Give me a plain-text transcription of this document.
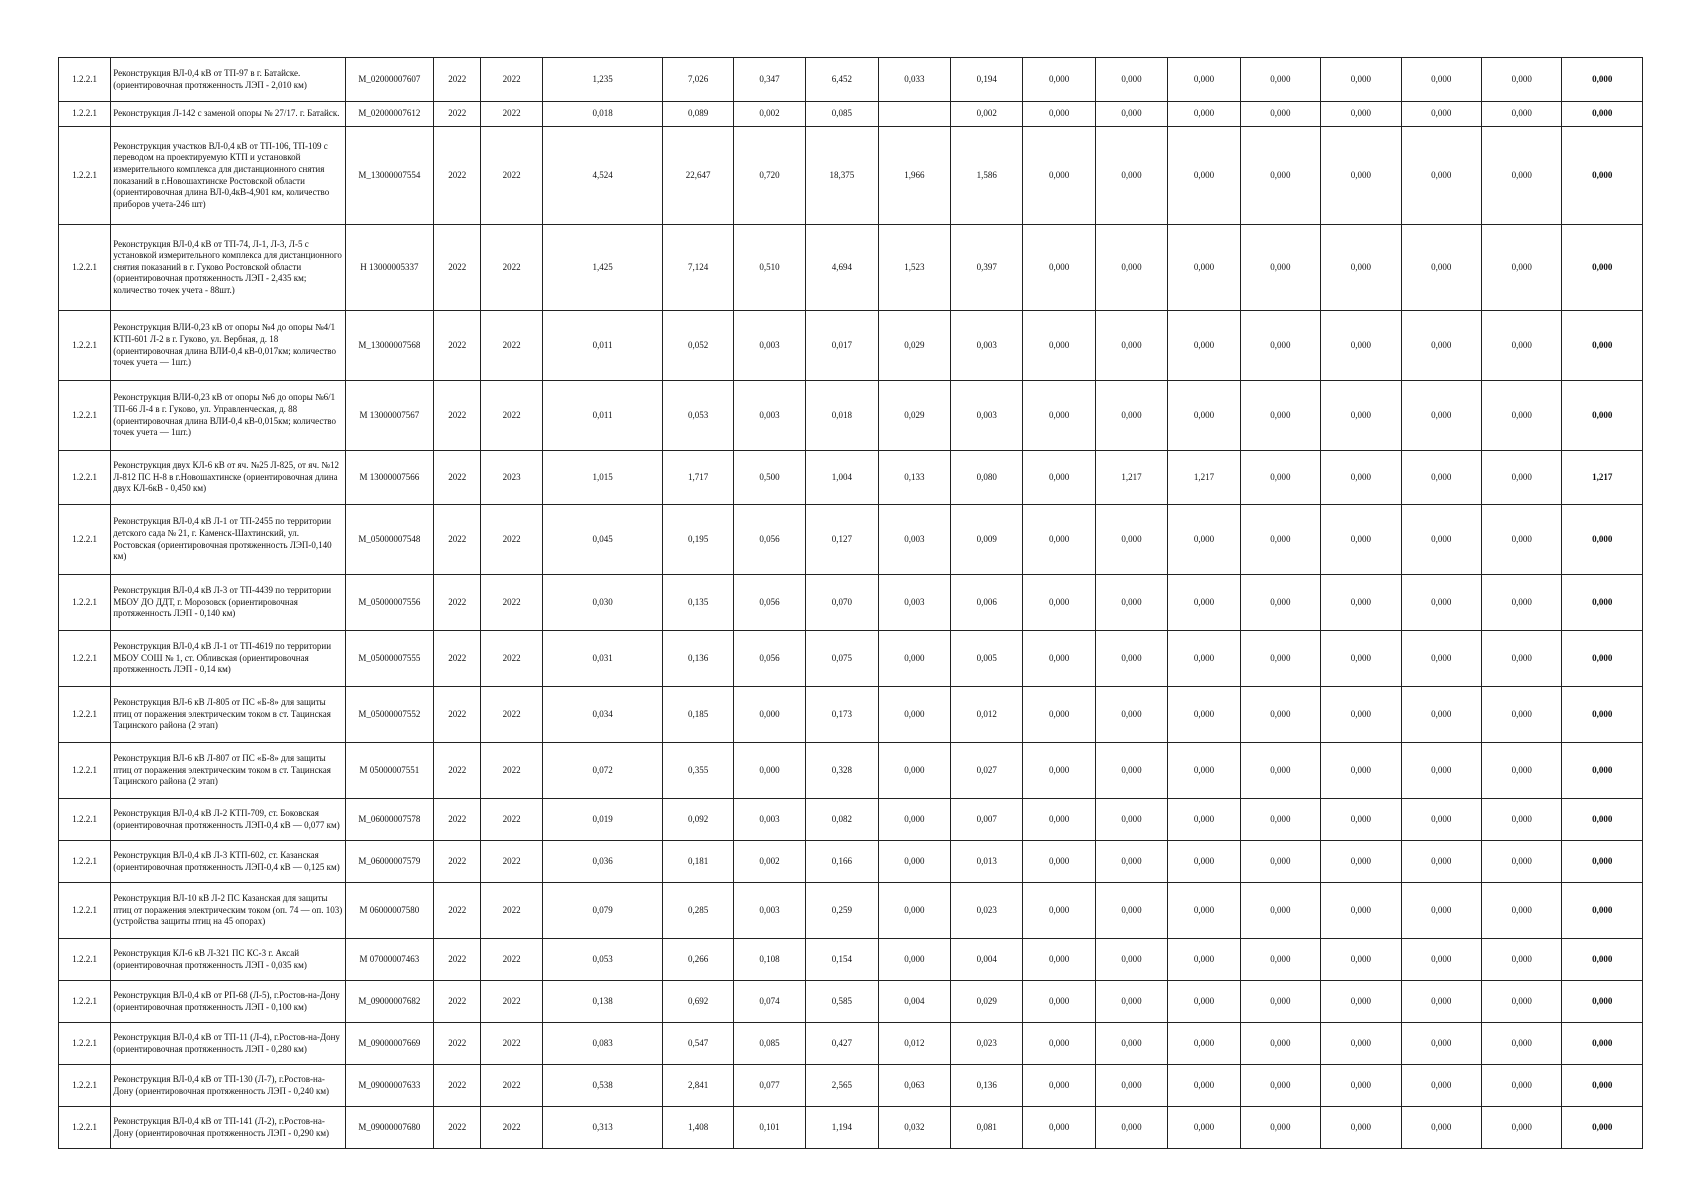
1.2.2.1	Реконструкция ВЛ-0,4 кВ от ТП-97 в г. Батайске. (ориентировочная протяженность ЛЭП - 2,010 км)	M_02000007607	2022	2022	1,235	7,026	0,347	6,452	0,033	0,194	0,000	0,000	0,000	0,000	0,000	0,000	0,000	0,000
1.2.2.1	Реконструкция Л-142 с заменой опоры № 27/17. г. Батайск.	M_02000007612	2022	2022	0,018	0,089	0,002	0,085		0,002	0,000	0,000	0,000	0,000	0,000	0,000	0,000	0,000
1.2.2.1	Реконструкция участков ВЛ-0,4 кВ от ТП-106, ТП-109 с переводом на проектируемую КТП и установкой измерительного комплекса для дистанционного снятия показаний в г.Новошахтинске Ростовской области (ориентировочная длина ВЛ-0,4кВ-4,901 км, количество приборов учета-246 шт)	M_13000007554	2022	2022	4,524	22,647	0,720	18,375	1,966	1,586	0,000	0,000	0,000	0,000	0,000	0,000	0,000	0,000
1.2.2.1	Реконструкция ВЛ-0,4 кВ от ТП-74, Л-1, Л-3, Л-5 с установкой измерительного комплекса для дистанционного снятия показаний в г. Гуково Ростовской области (ориентировочная протяженность ЛЭП - 2,435 км; количество точек учета - 88шт.)	Н 13000005337	2022	2022	1,425	7,124	0,510	4,694	1,523	0,397	0,000	0,000	0,000	0,000	0,000	0,000	0,000	0,000
1.2.2.1	Реконструкция ВЛИ-0,23 кВ от опоры №4 до опоры №4/1 КТП-601 Л-2 в г. Гуково, ул. Вербная, д. 18 (ориентировочная длина ВЛИ-0,4 кВ-0,017км; количество точек учета — 1шт.)	M_13000007568	2022	2022	0,011	0,052	0,003	0,017	0,029	0,003	0,000	0,000	0,000	0,000	0,000	0,000	0,000	0,000
1.2.2.1	Реконструкция ВЛИ-0,23 кВ от опоры №6 до опоры №6/1 ТП-66 Л-4 в г. Гуково, ул. Управленческая, д. 88 (ориентировочная длина ВЛИ-0,4 кВ-0,015км; количество точек учета — 1шт.)	M 13000007567	2022	2022	0,011	0,053	0,003	0,018	0,029	0,003	0,000	0,000	0,000	0,000	0,000	0,000	0,000	0,000
1.2.2.1	Реконструкция двух КЛ-6 кВ от яч. №25 Л-825, от яч. №12 Л-812 ПС Н-8 в г.Новошахтинске (ориентировочная длина двух КЛ-6кВ - 0,450 км)	M 13000007566	2022	2023	1,015	1,717	0,500	1,004	0,133	0,080	0,000	1,217	1,217	0,000	0,000	0,000	0,000	1,217
1.2.2.1	Реконструкция ВЛ-0,4 кВ Л-1 от ТП-2455 по территории детского сада № 21, г. Каменск-Шахтинский, ул. Ростовская (ориентировочная протяженность ЛЭП-0,140 км)	M_05000007548	2022	2022	0,045	0,195	0,056	0,127	0,003	0,009	0,000	0,000	0,000	0,000	0,000	0,000	0,000	0,000
1.2.2.1	Реконструкция ВЛ-0,4 кВ Л-3 от ТП-4439 по территории МБОУ ДО ДДТ, г. Морозовск (ориентировочная протяженность ЛЭП - 0,140 км)	M_05000007556	2022	2022	0,030	0,135	0,056	0,070	0,003	0,006	0,000	0,000	0,000	0,000	0,000	0,000	0,000	0,000
1.2.2.1	Реконструкция ВЛ-0,4 кВ Л-1 от ТП-4619 по территории МБОУ СОШ № 1, ст. Обливская (ориентировочная протяженность ЛЭП - 0,14 км)	M_05000007555	2022	2022	0,031	0,136	0,056	0,075	0,000	0,005	0,000	0,000	0,000	0,000	0,000	0,000	0,000	0,000
1.2.2.1	Реконструкция ВЛ-6 кВ Л-805 от ПС «Б-8» для защиты птиц от поражения электрическим током в ст. Тацинская Тацинского района (2 этап)	M_05000007552	2022	2022	0,034	0,185	0,000	0,173	0,000	0,012	0,000	0,000	0,000	0,000	0,000	0,000	0,000	0,000
1.2.2.1	Реконструкция ВЛ-6 кВ Л-807 от ПС «Б-8» для защиты птиц от поражения электрическим током в ст. Тацинская Тацинского района (2 этап)	M 05000007551	2022	2022	0,072	0,355	0,000	0,328	0,000	0,027	0,000	0,000	0,000	0,000	0,000	0,000	0,000	0,000
1.2.2.1	Реконструкция ВЛ-0,4 кВ Л-2 КТП-709, ст. Боковская (ориентировочная протяженность ЛЭП-0,4 кВ — 0,077 км)	M_06000007578	2022	2022	0,019	0,092	0,003	0,082	0,000	0,007	0,000	0,000	0,000	0,000	0,000	0,000	0,000	0,000
1.2.2.1	Реконструкция ВЛ-0,4 кВ Л-3 КТП-602, ст. Казанская (ориентировочная протяженность ЛЭП-0,4 кВ — 0,125 км)	M_06000007579	2022	2022	0,036	0,181	0,002	0,166	0,000	0,013	0,000	0,000	0,000	0,000	0,000	0,000	0,000	0,000
1.2.2.1	Реконструкция ВЛ-10 кВ Л-2 ПС Казанская для защиты птиц от поражения электрическим током (оп. 74 — оп. 103) (устройства защиты птиц на 45 опорах)	M 06000007580	2022	2022	0,079	0,285	0,003	0,259	0,000	0,023	0,000	0,000	0,000	0,000	0,000	0,000	0,000	0,000
1.2.2.1	Реконструкция КЛ-6 кВ Л-321 ПС КС-3 г. Аксай (ориентировочная протяженность ЛЭП - 0,035 км)	M 07000007463	2022	2022	0,053	0,266	0,108	0,154	0,000	0,004	0,000	0,000	0,000	0,000	0,000	0,000	0,000	0,000
1.2.2.1	Реконструкция ВЛ-0,4 кВ от РП-68 (Л-5), г.Ростов-на-Дону (ориентировочная протяженность ЛЭП - 0,100 км)	M_09000007682	2022	2022	0,138	0,692	0,074	0,585	0,004	0,029	0,000	0,000	0,000	0,000	0,000	0,000	0,000	0,000
1.2.2.1	Реконструкция ВЛ-0,4 кВ от ТП-11 (Л-4), г.Ростов-на-Дону (ориентировочная протяженность ЛЭП - 0,280 км)	M_09000007669	2022	2022	0,083	0,547	0,085	0,427	0,012	0,023	0,000	0,000	0,000	0,000	0,000	0,000	0,000	0,000
1.2.2.1	Реконструкция ВЛ-0,4 кВ от ТП-130 (Л-7), г.Ростов-на-Дону (ориентировочная протяженность ЛЭП - 0,240 км)	M_09000007633	2022	2022	0,538	2,841	0,077	2,565	0,063	0,136	0,000	0,000	0,000	0,000	0,000	0,000	0,000	0,000
1.2.2.1	Реконструкция ВЛ-0,4 кВ от ТП-141 (Л-2), г.Ростов-на-Дону (ориентировочная протяженность ЛЭП - 0,290 км)	M_09000007680	2022	2022	0,313	1,408	0,101	1,194	0,032	0,081	0,000	0,000	0,000	0,000	0,000	0,000	0,000	0,000
